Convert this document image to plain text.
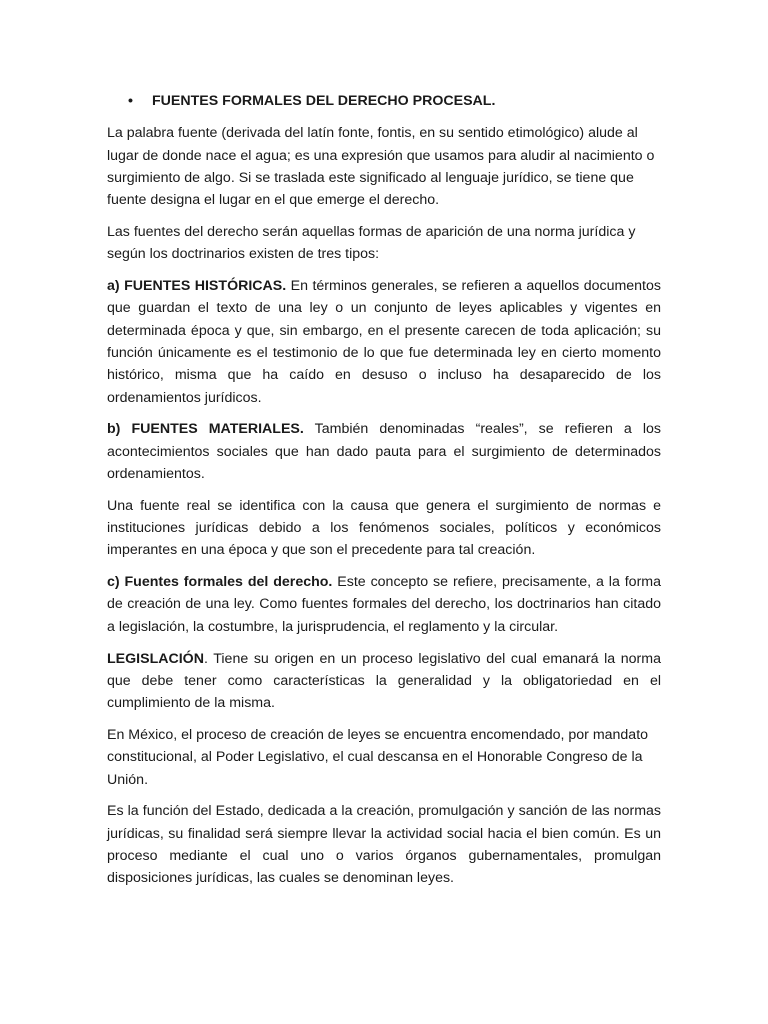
• FUENTES FORMALES DEL DERECHO PROCESAL.

La palabra fuente (derivada del latín fonte, fontis, en su sentido etimológico) alude al lugar de donde nace el agua; es una expresión que usamos para aludir al nacimiento o surgimiento de algo. Si se traslada este significado al lenguaje jurídico, se tiene que fuente designa el lugar en el que emerge el derecho.

Las fuentes del derecho serán aquellas formas de aparición de una norma jurídica y según los doctrinarios existen de tres tipos:

a) FUENTES HISTÓRICAS. En términos generales, se refieren a aquellos documentos que guardan el texto de una ley o un conjunto de leyes aplicables y vigentes en determinada época y que, sin embargo, en el presente carecen de toda aplicación; su función únicamente es el testimonio de lo que fue determinada ley en cierto momento histórico, misma que ha caído en desuso o incluso ha desaparecido de los ordenamientos jurídicos.

b) FUENTES MATERIALES. También denominadas “reales”, se refieren a los acontecimientos sociales que han dado pauta para el surgimiento de determinados ordenamientos.

Una fuente real se identifica con la causa que genera el surgimiento de normas e instituciones jurídicas debido a los fenómenos sociales, políticos y económicos imperantes en una época y que son el precedente para tal creación.

c) Fuentes formales del derecho. Este concepto se refiere, precisamente, a la forma de creación de una ley. Como fuentes formales del derecho, los doctrinarios han citado a legislación, la costumbre, la jurisprudencia, el reglamento y la circular.

LEGISLACIÓN. Tiene su origen en un proceso legislativo del cual emanará la norma que debe tener como características la generalidad y la obligatoriedad en el cumplimiento de la misma.

En México, el proceso de creación de leyes se encuentra encomendado, por mandato constitucional, al Poder Legislativo, el cual descansa en el Honorable Congreso de la Unión.

Es la función del Estado, dedicada a la creación, promulgación y sanción de las normas jurídicas, su finalidad será siempre llevar la actividad social hacia el bien común. Es un proceso mediante el cual uno o varios órganos gubernamentales, promulgan disposiciones jurídicas, las cuales se denominan leyes.
